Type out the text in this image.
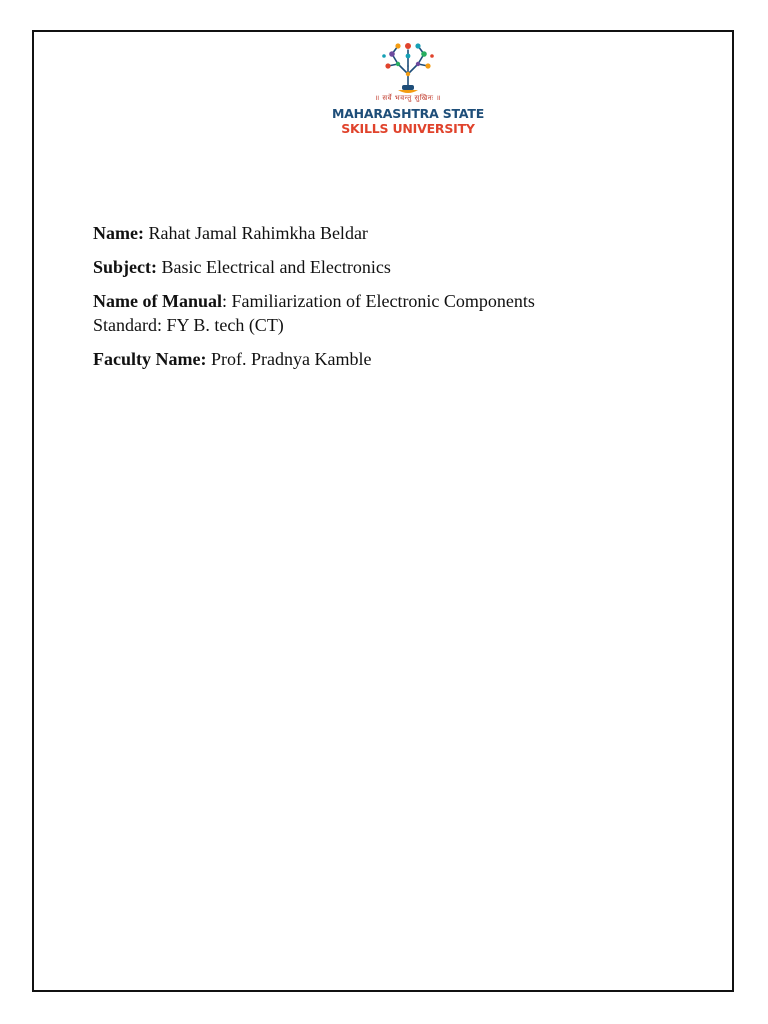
॥ सर्वे भवन्तु सुखिनः ॥
MAHARASHTRA STATE
SKILLS UNIVERSITY

Name: Rahat Jamal Rahimkha Beldar

Subject: Basic Electrical and Electronics

Name of Manual: Familiarization of Electronic Components
Standard: FY B. tech (CT)

Faculty Name: Prof. Pradnya Kamble
